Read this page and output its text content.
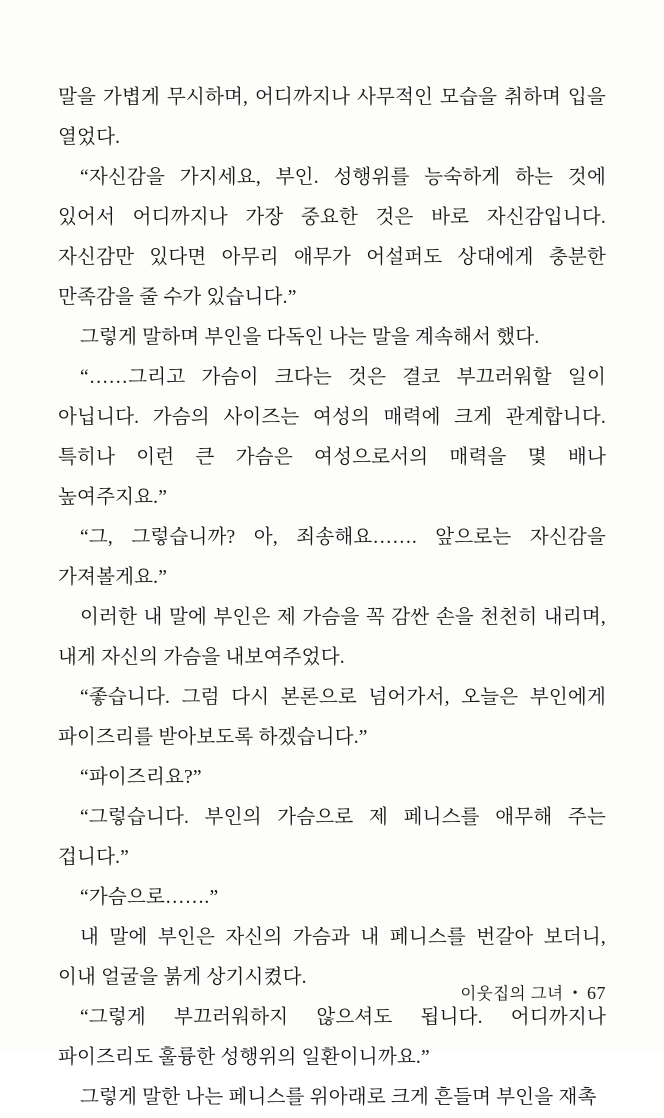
말을 가볍게 무시하며, 어디까지나 사무적인 모습을 취하며 입을 열었다.

“자신감을 가지세요, 부인. 성행위를 능숙하게 하는 것에 있어서 어디까지나 가장 중요한 것은 바로 자신감입니다. 자신감만 있다면 아무리 애무가 어설퍼도 상대에게 충분한 만족감을 줄 수가 있습니다.”

그렇게 말하며 부인을 다독인 나는 말을 계속해서 했다.

“……그리고 가슴이 크다는 것은 결코 부끄러워할 일이 아닙니다. 가슴의 사이즈는 여성의 매력에 크게 관계합니다. 특히나 이런 큰 가슴은 여성으로서의 매력을 몇 배나 높여주지요.”

“그, 그렇습니까? 아, 죄송해요……. 앞으로는 자신감을 가져볼게요.”

이러한 내 말에 부인은 제 가슴을 꼭 감싼 손을 천천히 내리며, 내게 자신의 가슴을 내보여주었다.

“좋습니다. 그럼 다시 본론으로 넘어가서, 오늘은 부인에게 파이즈리를 받아보도록 하겠습니다.”

“파이즈리요?”

“그렇습니다. 부인의 가슴으로 제 페니스를 애무해 주는 겁니다.”

“가슴으로…….”

내 말에 부인은 자신의 가슴과 내 페니스를 번갈아 보더니, 이내 얼굴을 붉게 상기시켰다.

“그렇게 부끄러워하지 않으셔도 됩니다. 어디까지나 파이즈리도 훌륭한 성행위의 일환이니까요.”

그렇게 말한 나는 페니스를 위아래로 크게 흔들며 부인을 재촉

이웃집의 그녀 • 67
